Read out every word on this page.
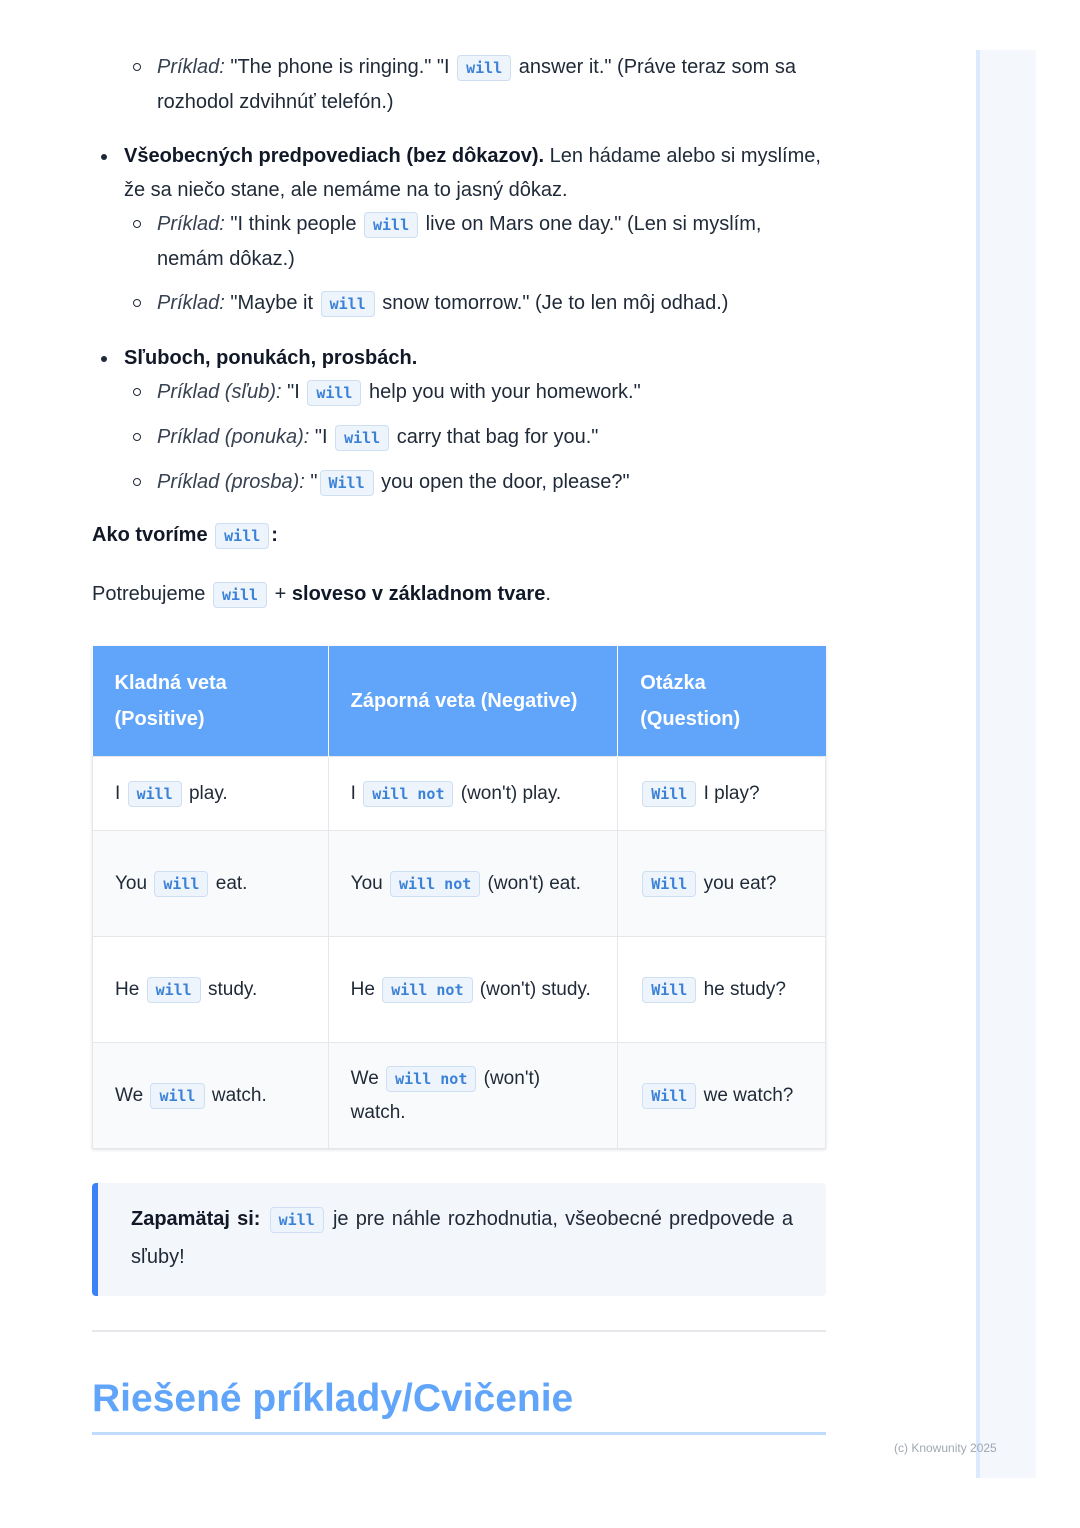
(c) Knowunity 2025
Príklad: "The phone is ringing." "I will answer it." (Práve teraz som sa rozhodol zdvihnúť telefón.)
Všeobecných predpovediach (bez dôkazov). Len hádame alebo si myslíme, že sa niečo stane, ale nemáme na to jasný dôkaz.
Príklad: "I think people will live on Mars one day." (Len si myslím, nemám dôkaz.)
Príklad: "Maybe it will snow tomorrow." (Je to len môj odhad.)
Sľuboch, ponukách, prosbách.
Príklad (sľub): "I will help you with your homework."
Príklad (ponuka): "I will carry that bag for you."
Príklad (prosba): " Will you open the door, please?"

Ako tvoríme will :

Potrebujeme will + sloveso v základnom tvare.

Kladná veta (Positive)	Záporná veta (Negative)	Otázka (Question)
I will play.	I will not (won't) play.	Will I play?
You will eat.	You will not (won't) eat.	Will you eat?
He will study.	He will not (won't) study.	Will he study?
We will watch.	We will not (won't) watch.	Will we watch?
Zapamätaj si: will je pre náhle rozhodnutia, všeobecné predpovede a sľuby!
Riešené príklady/Cvičenie
